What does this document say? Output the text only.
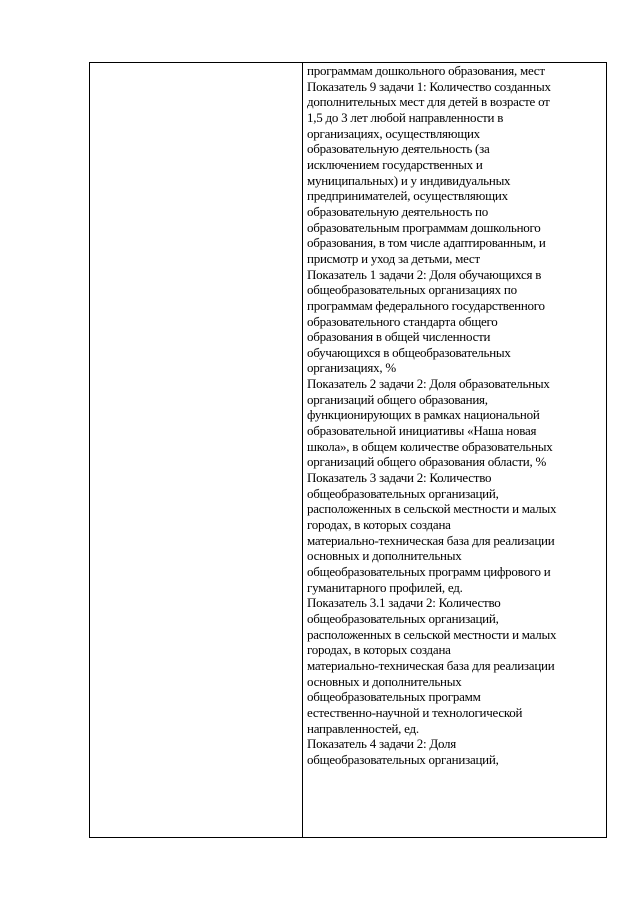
программам дошкольного образования, мест
Показатель 9 задачи 1: Количество созданных
дополнительных мест для детей в возрасте от
1,5 до 3 лет любой направленности в
организациях, осуществляющих
образовательную деятельность (за
исключением государственных и
муниципальных) и у индивидуальных
предпринимателей, осуществляющих
образовательную деятельность по
образовательным программам дошкольного
образования, в том числе адаптированным, и
присмотр и уход за детьми, мест
Показатель 1 задачи 2: Доля обучающихся в
общеобразовательных организациях по
программам федерального государственного
образовательного стандарта общего
образования в общей численности
обучающихся в общеобразовательных
организациях, %
Показатель 2 задачи 2: Доля образовательных
организаций общего образования,
функционирующих в рамках национальной
образовательной инициативы «Наша новая
школа», в общем количестве образовательных
организаций общего образования области, %
Показатель 3 задачи 2: Количество
общеобразовательных организаций,
расположенных в сельской местности и малых
городах, в которых создана
материально-техническая база для реализации
основных и дополнительных
общеобразовательных программ цифрового и
гуманитарного профилей, ед.
Показатель 3.1 задачи 2: Количество
общеобразовательных организаций,
расположенных в сельской местности и малых
городах, в которых создана
материально-техническая база для реализации
основных и дополнительных
общеобразовательных программ
естественно-научной и технологической
направленностей, ед.
Показатель 4 задачи 2: Доля
общеобразовательных организаций,
